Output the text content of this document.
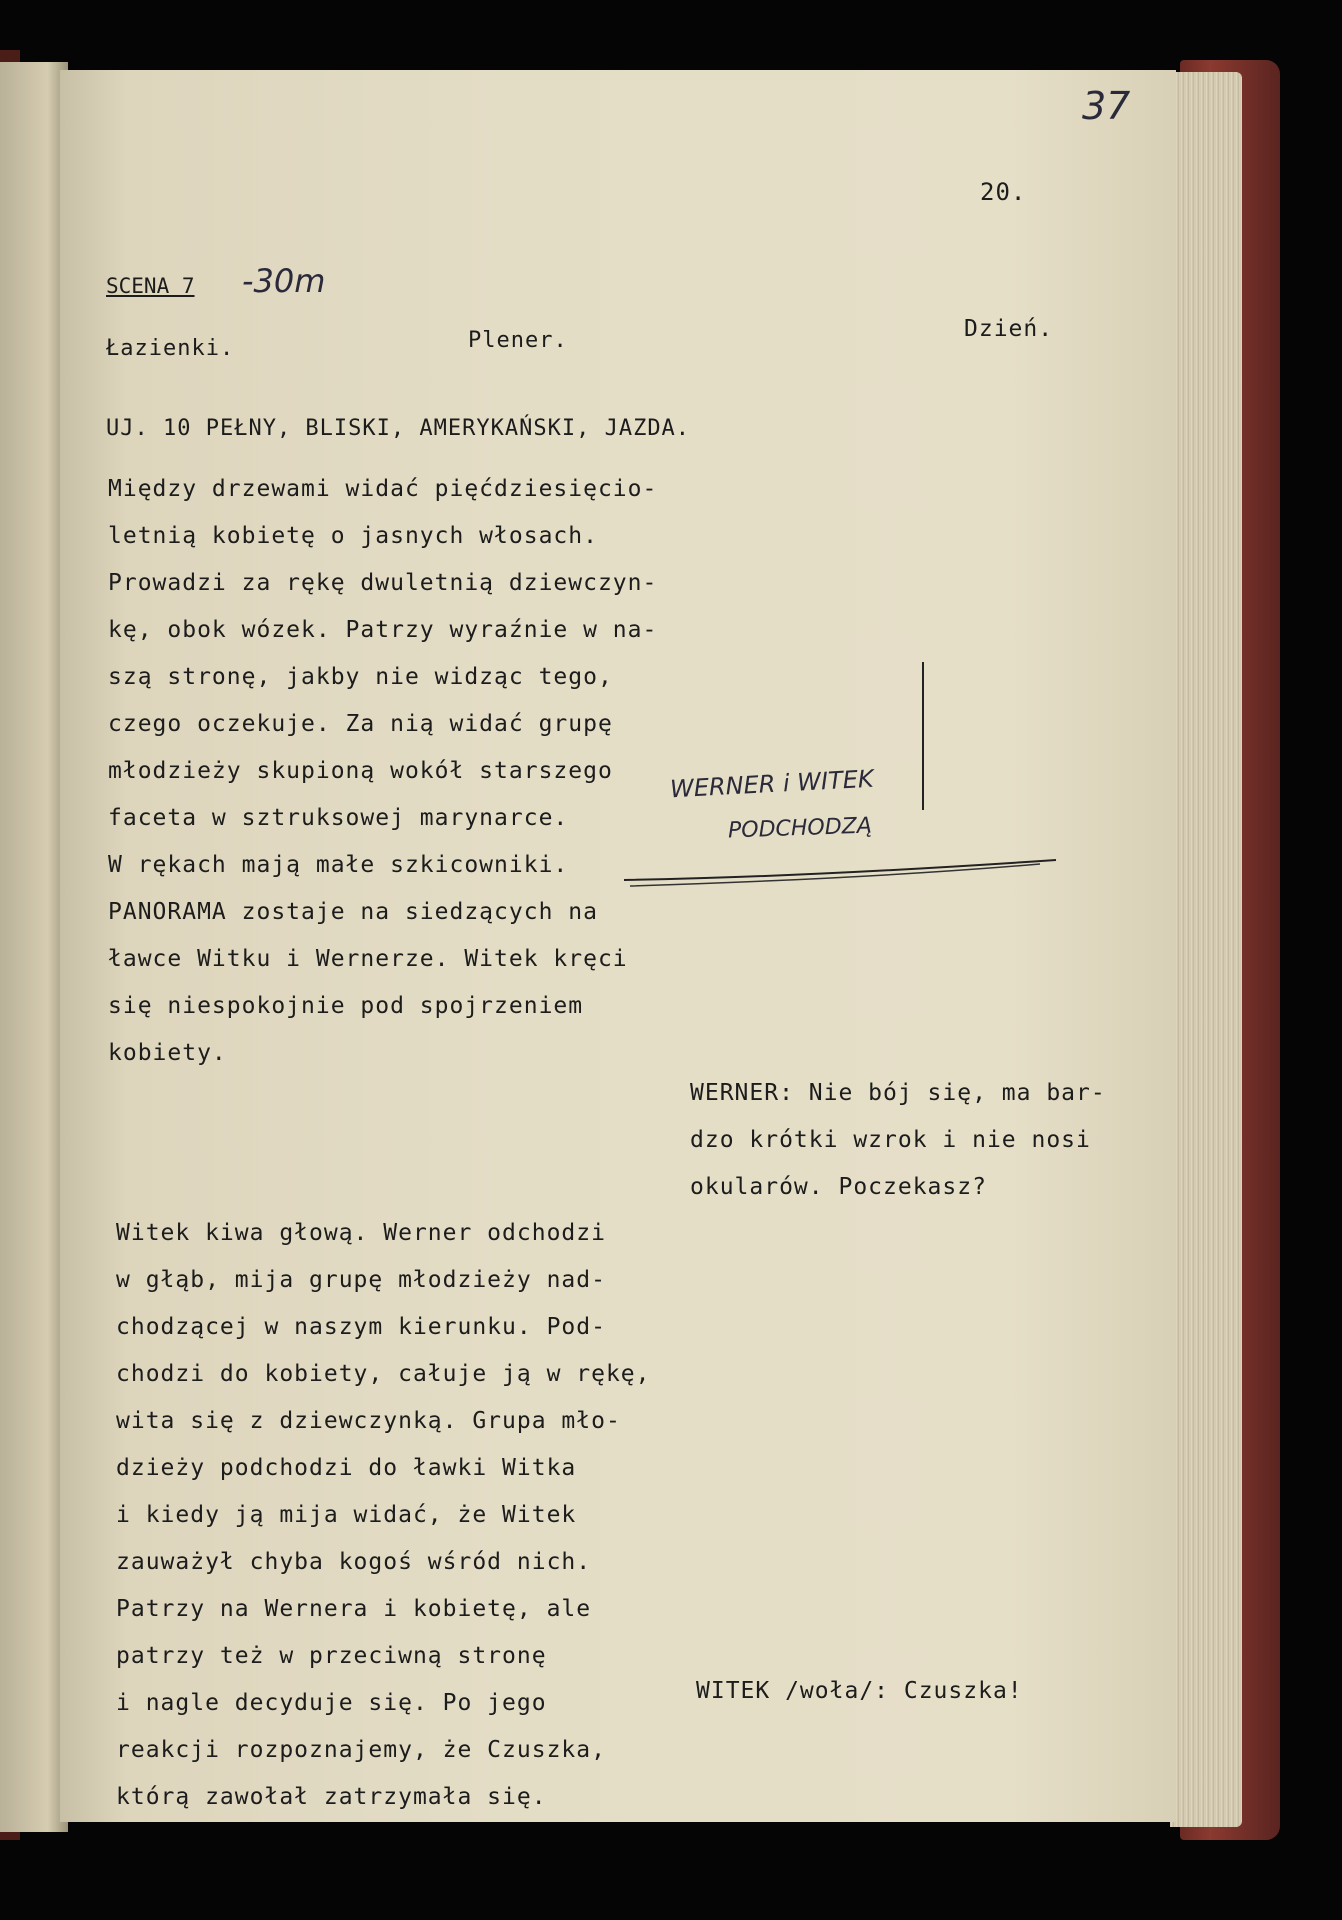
37
20.
SCENA 7 -30m
Łazienki.	Plener.	Dzień.
UJ. 10 PEŁNY, BLISKI, AMERYKAŃSKI, JAZDA.
Między drzewami widać pięćdziesięcio-
letnią kobietę o jasnych włosach.
Prowadzi za rękę dwuletnią dziewczyn-
kę, obok wózek. Patrzy wyraźnie w na-
szą stronę, jakby nie widząc tego,
czego oczekuje. Za nią widać grupę
młodzieży skupioną wokół starszego
faceta w sztruksowej marynarce.
W rękach mają małe szkicowniki.
PANORAMA zostaje na siedzących na
ławce Witku i Wernerze. Witek kręci
się niespokojnie pod spojrzeniem
kobiety.
WERNER i WITEK
PODCHODZĄ
WERNER: Nie bój się, ma bar-
dzo krótki wzrok i nie nosi
okularów. Poczekasz?
Witek kiwa głową. Werner odchodzi
w głąb, mija grupę młodzieży nad-
chodzącej w naszym kierunku. Pod-
chodzi do kobiety, całuje ją w rękę,
wita się z dziewczynką. Grupa mło-
dzieży podchodzi do ławki Witka
i kiedy ją mija widać, że Witek
zauważył chyba kogoś wśród nich.
Patrzy na Wernera i kobietę, ale
patrzy też w przeciwną stronę
i nagle decyduje się. Po jego
reakcji rozpoznajemy, że Czuszka,
którą zawołał zatrzymała się.
WITEK /woła/: Czuszka!
